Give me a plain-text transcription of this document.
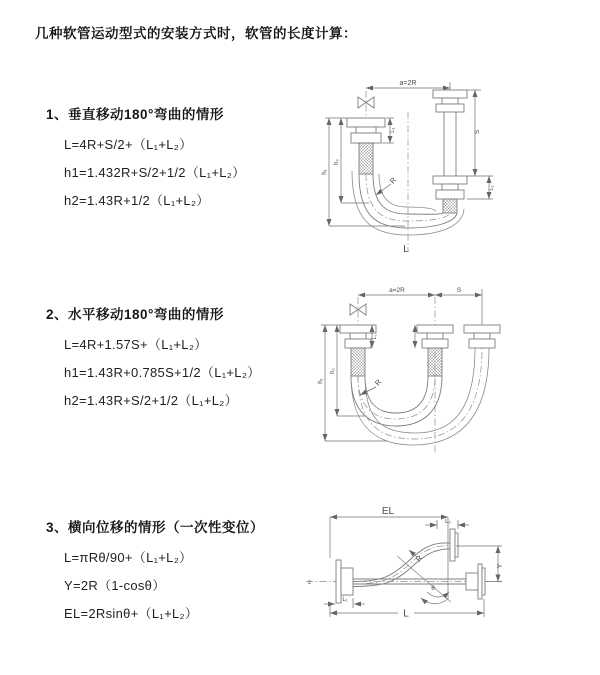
几种软管运动型式的安装方式时，软管的长度计算：
1、垂直移动180°弯曲的情形
L=4R+S/2+（L₁+L₂）
h1=1.432R+S/2+1/2（L₁+L₂）
h2=1.43R+1/2（L₁+L₂）
a=2R
L₁
h₁
h₂
S
L₂
R
L
2、水平移动180°弯曲的情形
L=4R+1.57S+（L₁+L₂）
h1=1.43R+0.785S+1/2（L₁+L₂）
h2=1.43R+S/2+1/2（L₁+L₂）
a=2R	S
L₁
h₁
h₂
R
3、横向位移的情形（一次性变位）
L=πRθ/90+（L₁+L₂）
Y=2R（1-cosθ）
EL=2Rsinθ+（L₁+L₂）
EL
L₂
R
θ
z
L₁
Y
L
